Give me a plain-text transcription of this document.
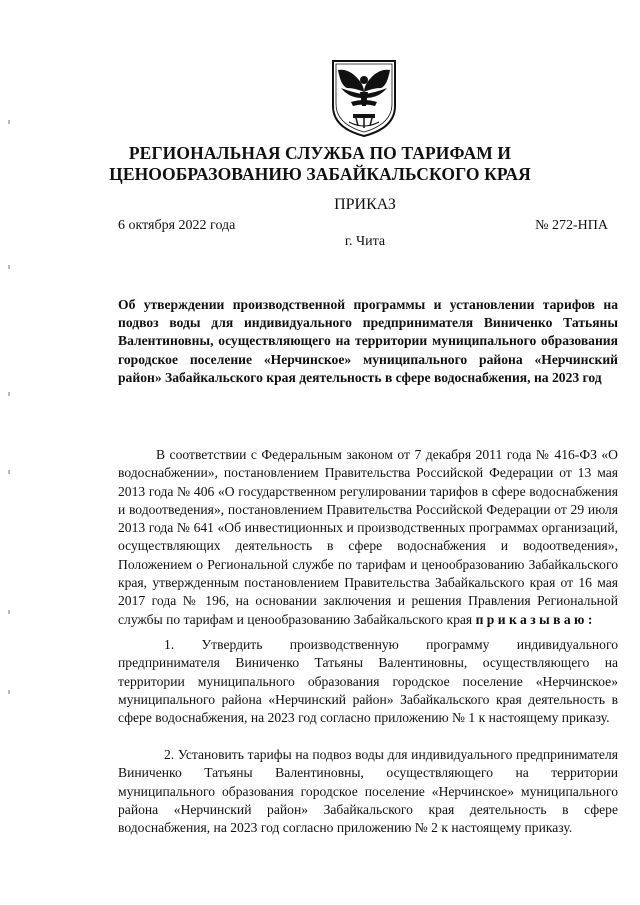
РЕГИОНАЛЬНАЯ СЛУЖБА ПО ТАРИФАМ И
ЦЕНООБРАЗОВАНИЮ ЗАБАЙКАЛЬСКОГО КРАЯ
ПРИКАЗ
6 октября 2022 года	№ 272-НПА
г. Чита
Об утверждении производственной программы и установлении тарифов на подвоз воды для индивидуального предпринимателя Виниченко Татьяны Валентиновны, осуществляющего на территории муниципального образования городское поселение «Нерчинское» муниципального района «Нерчинский район» Забайкальского края деятельность в сфере водоснабжения, на 2023 год
В соответствии с Федеральным законом от 7 декабря 2011 года № 416-ФЗ «О водоснабжении», постановлением Правительства Российской Федерации от 13 мая 2013 года № 406 «О государственном регулировании тарифов в сфере водоснабжения и водоотведения», постановлением Правительства Российской Федерации от 29 июля 2013 года № 641 «Об инвестиционных и производственных программах организаций, осуществляющих деятельность в сфере водоснабжения и водоотведения», Положением о Региональной службе по тарифам и ценообразованию Забайкальского края, утвержденным постановлением Правительства Забайкальского края от 16 мая 2017 года № 196, на основании заключения и решения Правления Региональной службы по тарифам и ценообразованию Забайкальского края приказываю:
1. Утвердить производственную программу индивидуального предпринимателя Виниченко Татьяны Валентиновны, осуществляющего на территории муниципального образования городское поселение «Нерчинское» муниципального района «Нерчинский район» Забайкальского края деятельность в сфере водоснабжения, на 2023 год согласно приложению № 1 к настоящему приказу.
2. Установить тарифы на подвоз воды для индивидуального предпринимателя Виниченко Татьяны Валентиновны, осуществляющего на территории муниципального образования городское поселение «Нерчинское» муниципального района «Нерчинский район» Забайкальского края деятельность в сфере водоснабжения, на 2023 год согласно приложению № 2 к настоящему приказу.
